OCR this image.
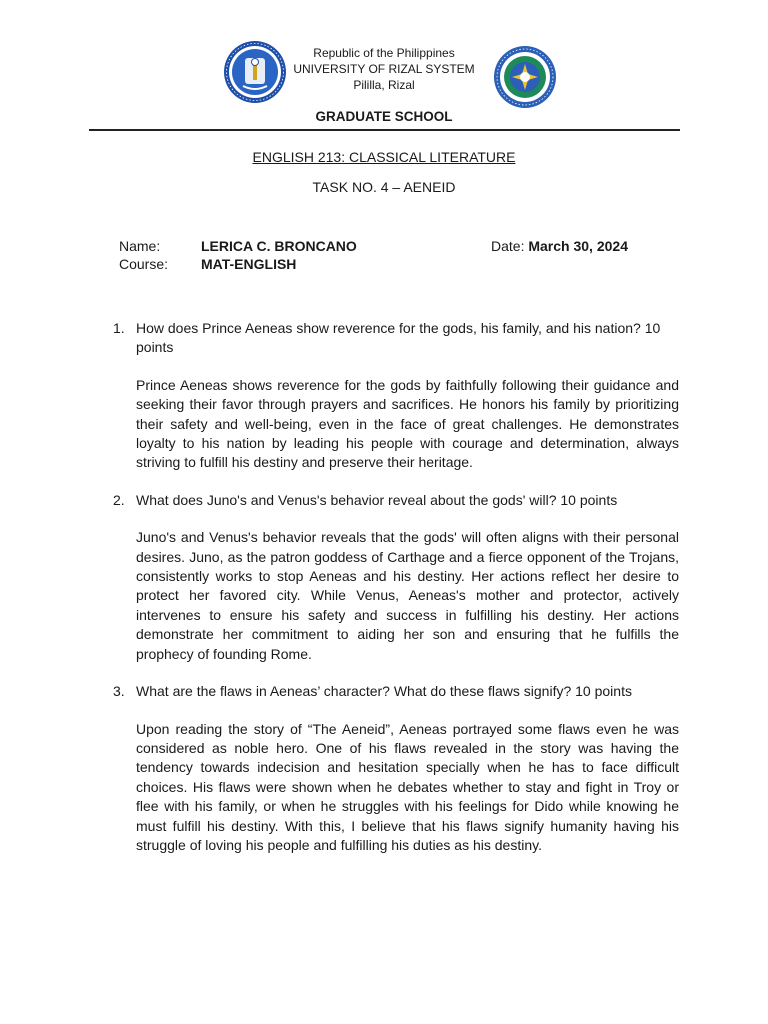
Republic of the Philippines
UNIVERSITY OF RIZAL SYSTEM
Pililla, Rizal
GRADUATE SCHOOL
ENGLISH 213: CLASSICAL LITERATURE
TASK NO. 4 – AENEID
Name:	LERICA C. BRONCANO
Course: MAT-ENGLISH
Date: March 30, 2024
1. How does Prince Aeneas show reverence for the gods, his family, and his nation? 10 points
Prince Aeneas shows reverence for the gods by faithfully following their guidance and seeking their favor through prayers and sacrifices. He honors his family by prioritizing their safety and well-being, even in the face of great challenges. He demonstrates loyalty to his nation by leading his people with courage and determination, always striving to fulfill his destiny and preserve their heritage.
2. What does Juno's and Venus's behavior reveal about the gods' will? 10 points
Juno's and Venus's behavior reveals that the gods' will often aligns with their personal desires. Juno, as the patron goddess of Carthage and a fierce opponent of the Trojans, consistently works to stop Aeneas and his destiny. Her actions reflect her desire to protect her favored city. While Venus, Aeneas's mother and protector, actively intervenes to ensure his safety and success in fulfilling his destiny. Her actions demonstrate her commitment to aiding her son and ensuring that he fulfills the prophecy of founding Rome.
3. What are the flaws in Aeneas’ character? What do these flaws signify? 10 points
Upon reading the story of “The Aeneid”, Aeneas portrayed some flaws even he was considered as noble hero. One of his flaws revealed in the story was having the tendency towards indecision and hesitation specially when he has to face difficult choices. His flaws were shown when he debates whether to stay and fight in Troy or flee with his family, or when he struggles with his feelings for Dido while knowing he must fulfill his destiny. With this, I believe that his flaws signify humanity having his struggle of loving his people and fulfilling his duties as his destiny.
